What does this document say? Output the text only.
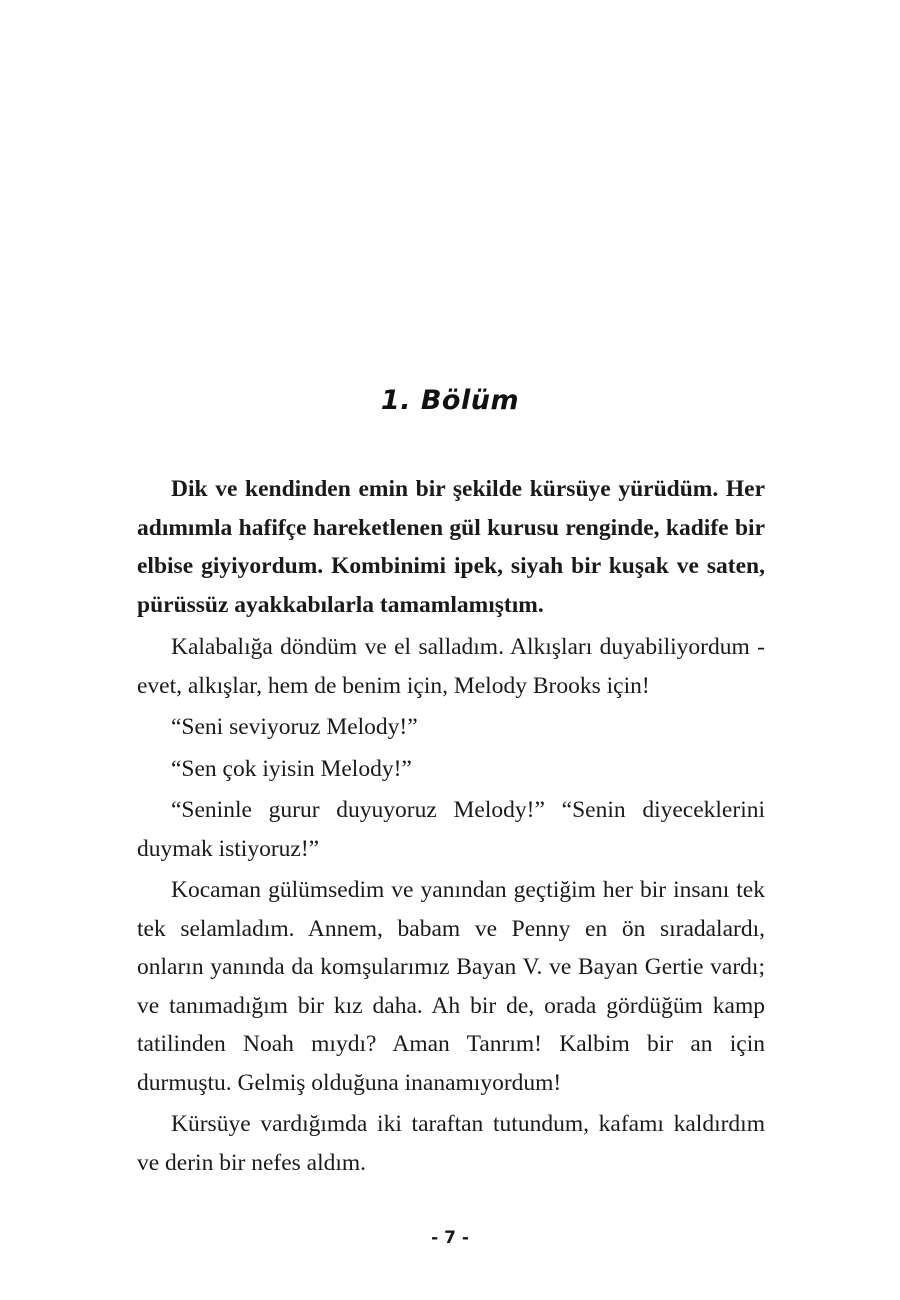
1. Bölüm

Dik ve kendinden emin bir şekilde kürsüye yürüdüm. Her adımımla hafifçe hareketlenen gül kurusu renginde, kadife bir elbise giyiyordum. Kombinimi ipek, siyah bir kuşak ve saten, pürüssüz ayakkabılarla tamamlamıştım.

Kalabalığa döndüm ve el salladım. Alkışları duyabiliyordum -evet, alkışlar, hem de benim için, Melody Brooks için!

“Seni seviyoruz Melody!”

“Sen çok iyisin Melody!”

“Seninle gurur duyuyoruz Melody!” “Senin diyeceklerini duymak istiyoruz!”

Kocaman gülümsedim ve yanından geçtiğim her bir insanı tek tek selamladım. Annem, babam ve Penny en ön sıradalardı, onların yanında da komşularımız Bayan V. ve Bayan Gertie vardı; ve tanımadığım bir kız daha. Ah bir de, orada gördüğüm kamp tatilinden Noah mıydı? Aman Tanrım! Kalbim bir an için durmuştu. Gelmiş olduğuna inanamıyordum!

Kürsüye vardığımda iki taraftan tutundum, kafamı kaldırdım ve derin bir nefes aldım.

- 7 -
